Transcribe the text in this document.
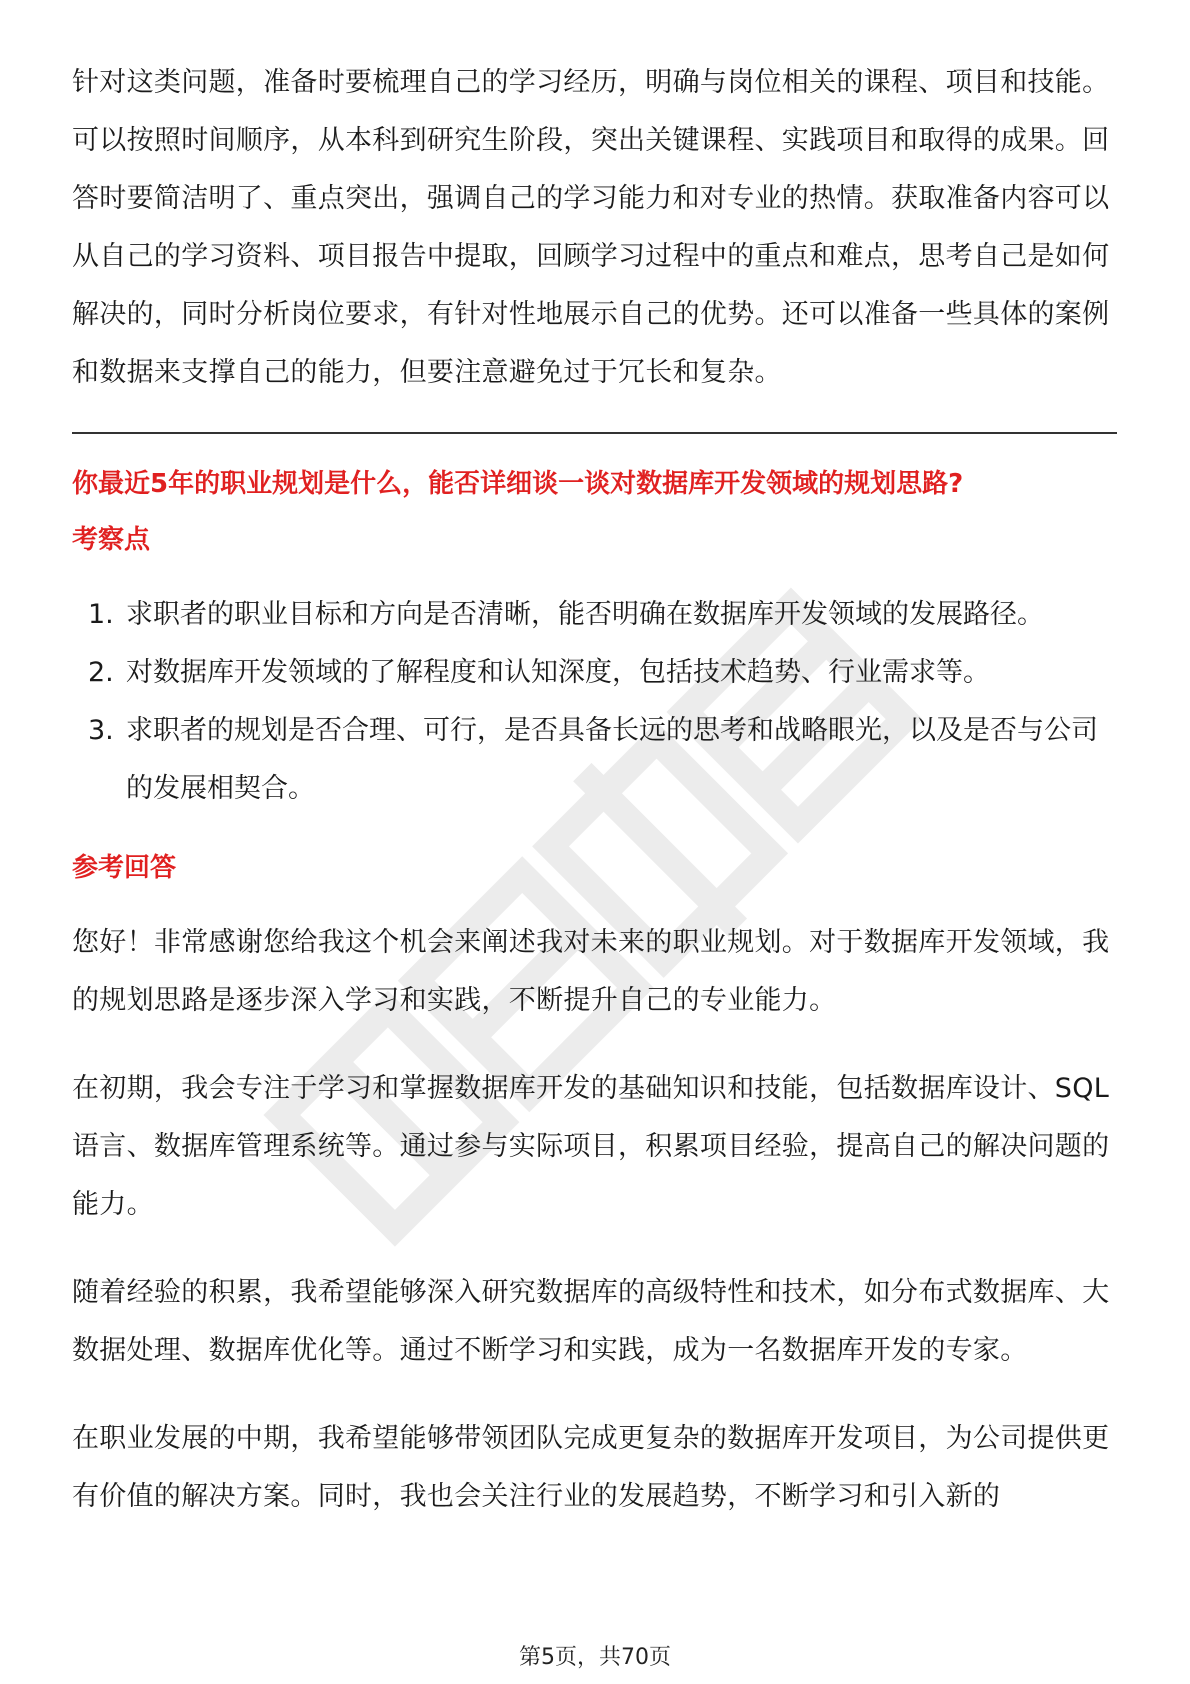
针对这类问题，准备时要梳理自己的学习经历，明确与岗位相关的课程、项目和技能。可以按照时间顺序，从本科到研究生阶段，突出关键课程、实践项目和取得的成果。回答时要简洁明了、重点突出，强调自己的学习能力和对专业的热情。获取准备内容可以从自己的学习资料、项目报告中提取，回顾学习过程中的重点和难点，思考自己是如何解决的，同时分析岗位要求，有针对性地展示自己的优势。还可以准备一些具体的案例和数据来支撑自己的能力，但要注意避免过于冗长和复杂。

你最近5年的职业规划是什么，能否详细谈一谈对数据库开发领域的规划思路?

考察点

1. 求职者的职业目标和方向是否清晰，能否明确在数据库开发领域的发展路径。
2. 对数据库开发领域的了解程度和认知深度，包括技术趋势、行业需求等。
3. 求职者的规划是否合理、可行，是否具备长远的思考和战略眼光，以及是否与公司的发展相契合。

参考回答

您好！非常感谢您给我这个机会来阐述我对未来的职业规划。对于数据库开发领域，我的规划思路是逐步深入学习和实践，不断提升自己的专业能力。

在初期，我会专注于学习和掌握数据库开发的基础知识和技能，包括数据库设计、SQL语言、数据库管理系统等。通过参与实际项目，积累项目经验，提高自己的解决问题的能力。

随着经验的积累，我希望能够深入研究数据库的高级特性和技术，如分布式数据库、大数据处理、数据库优化等。通过不断学习和实践，成为一名数据库开发的专家。

在职业发展的中期，我希望能够带领团队完成更复杂的数据库开发项目，为公司提供更有价值的解决方案。同时，我也会关注行业的发展趋势，不断学习和引入新的

第5页，共70页
